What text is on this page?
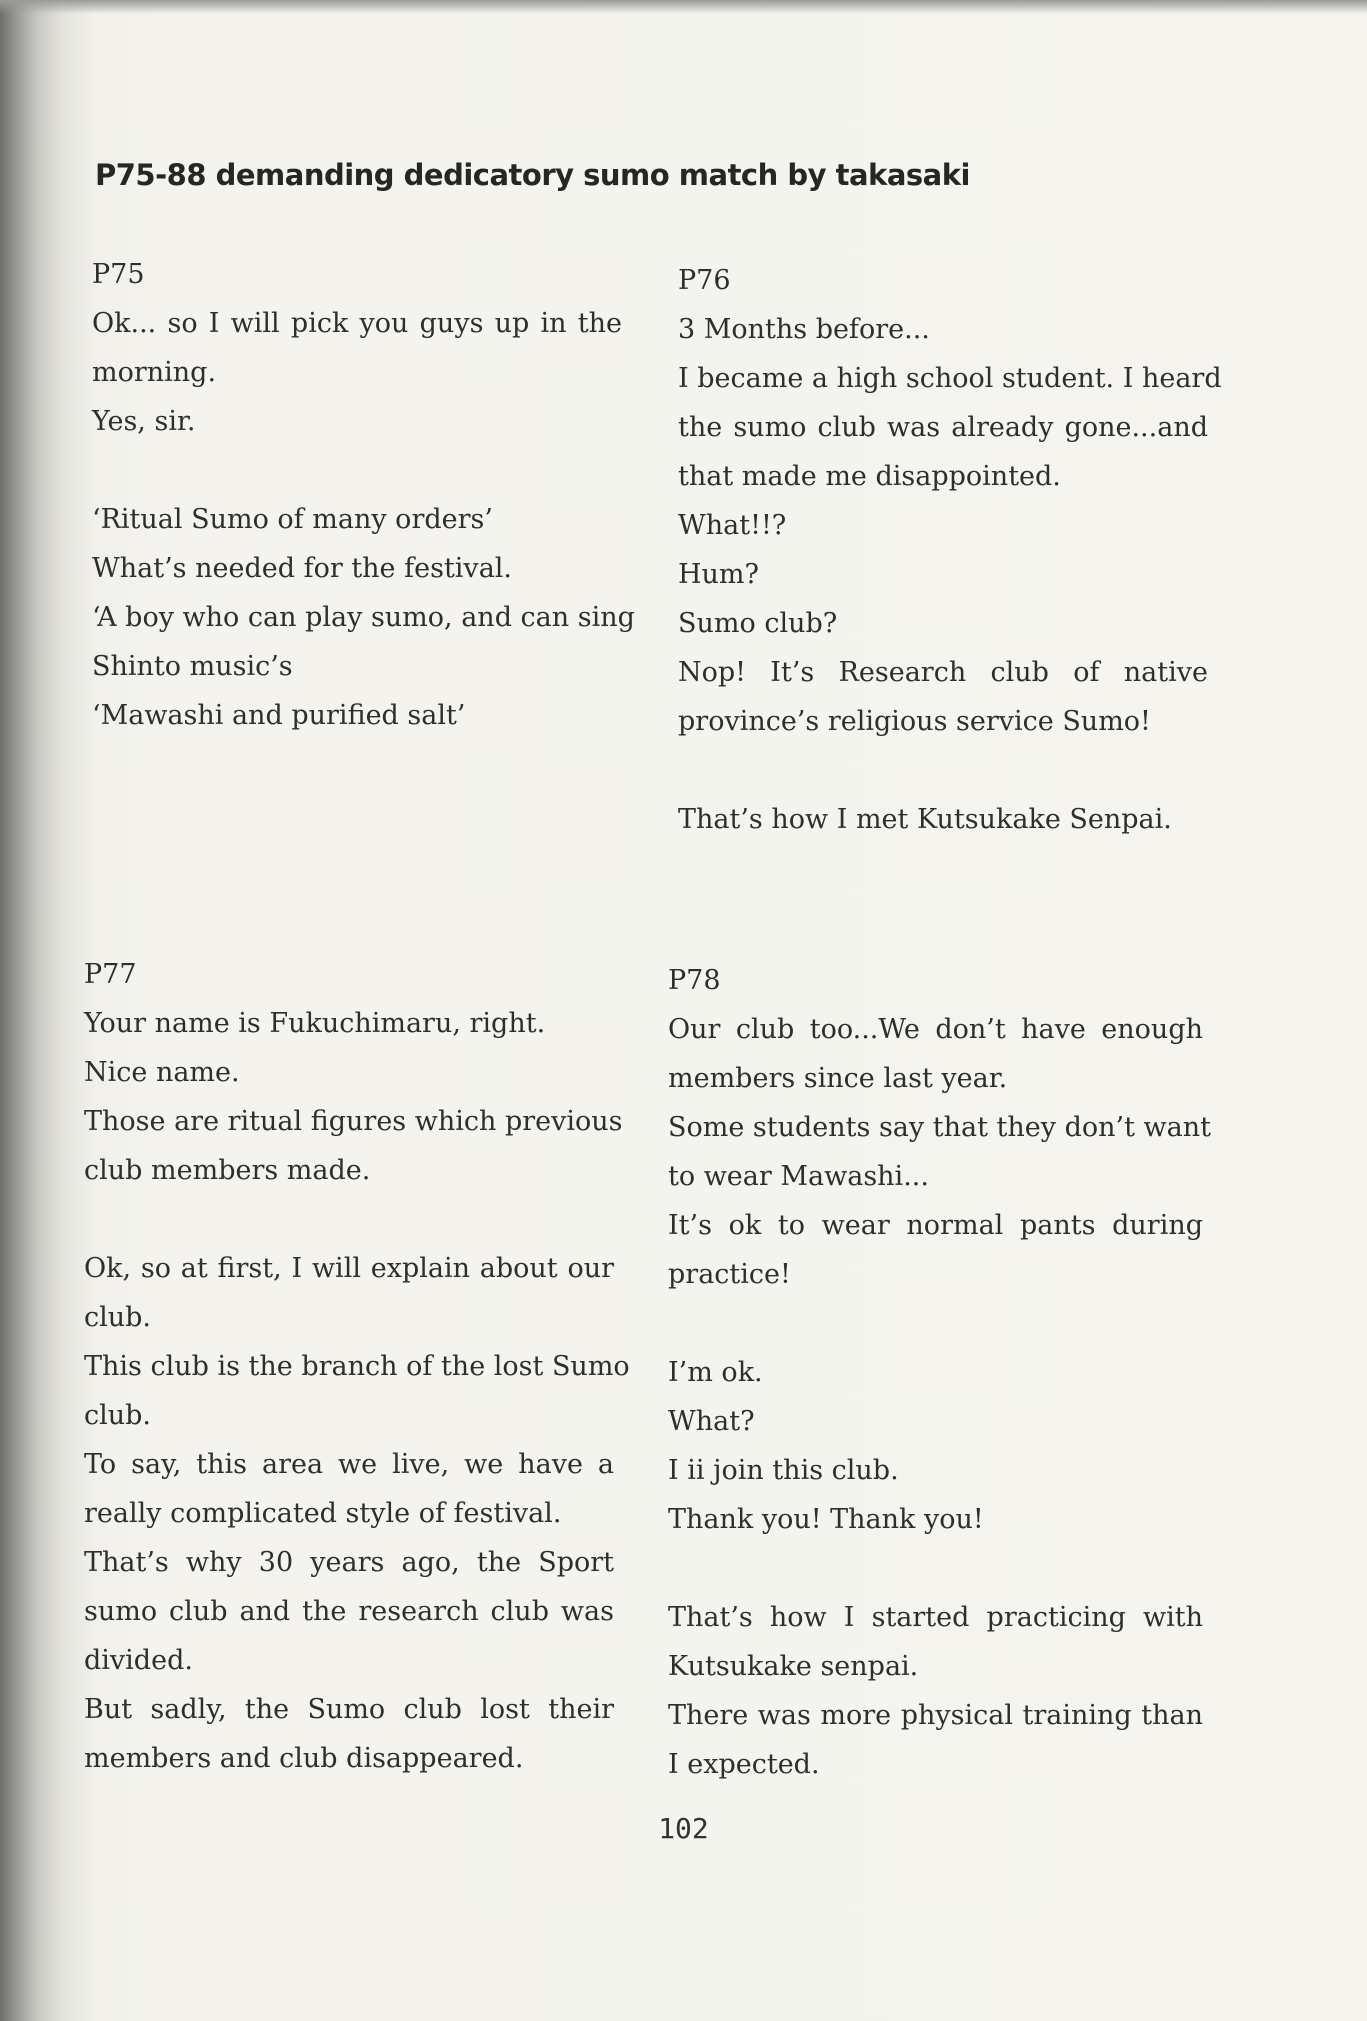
P75-88 demanding dedicatory sumo match by takasaki
P75
Ok... so I will pick you guys up in the
morning.
Yes, sir.
‘Ritual Sumo of many orders’
What’s needed for the festival.
‘A boy who can play sumo, and can sing
Shinto music’s
‘Mawashi and purified salt’
P76
3 Months before...
I became a high school student. I heard
the sumo club was already gone...and
that made me disappointed.
What!!?
Hum?
Sumo club?
Nop! It’s Research club of native
province’s religious service Sumo!
That’s how I met Kutsukake Senpai.
P77
Your name is Fukuchimaru, right.
Nice name.
Those are ritual figures which previous
club members made.
Ok, so at first, I will explain about our
club.
This club is the branch of the lost Sumo
club.
To say, this area we live, we have a
really complicated style of festival.
That’s why 30 years ago, the Sport
sumo club and the research club was
divided.
But sadly, the Sumo club lost their
members and club disappeared.
P78
Our club too...We don’t have enough
members since last year.
Some students say that they don’t want
to wear Mawashi...
It’s ok to wear normal pants during
practice!
I’m ok.
What?
I ii join this club.
Thank you! Thank you!
That’s how I started practicing with
Kutsukake senpai.
There was more physical training than
I expected.
102
